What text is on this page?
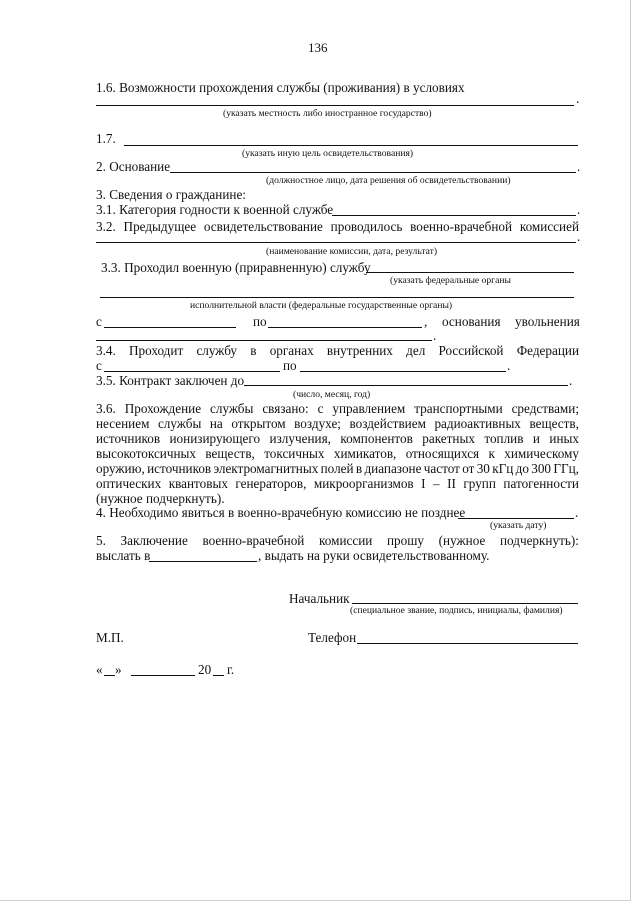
136
1.6. Возможности прохождения службы (проживания) в условиях
.
(указать местность либо иностранное государство)
1.7.
(указать иную цель освидетельствования)
2. Основание	.
(должностное лицо, дата решения об освидетельствовании)
3. Сведения о гражданине:
3.1. Категория годности к военной службе	.
3.2. Предыдущее освидетельствование проводилось военно-врачебной комиссией
.
(наименование комиссии, дата, результат)
3.3. Проходил военную (приравненную) службу
(указать федеральные органы
исполнительной власти (федеральные государственные органы)
с	по	, основания увольнения
.
3.4. Проходит службу в органах внутренних дел Российской Федерации
с	по	.
3.5. Контракт заключен до	.
(число, месяц, год)
3.6. Прохождение службы связано: с управлением транспортными средствами;
несением службы на открытом воздухе; воздействием радиоактивных веществ,
источников ионизирующего излучения, компонентов ракетных топлив и иных
высокотоксичных веществ, токсичных химикатов, относящихся к химическому
оружию, источников электромагнитных полей в диапазоне частот от 30 кГц до 300 ГГц,
оптических квантовых генераторов, микроорганизмов I – II групп патогенности
(нужное подчеркнуть).
4. Необходимо явиться в военно-врачебную комиссию не позднее	.
(указать дату)
5. Заключение военно-врачебной комиссии прошу (нужное подчеркнуть):
выслать в	, выдать на руки освидетельствованному.
Начальник
(специальное звание, подпись, инициалы, фамилия)
М.П.	Телефон
« »	20 г.
